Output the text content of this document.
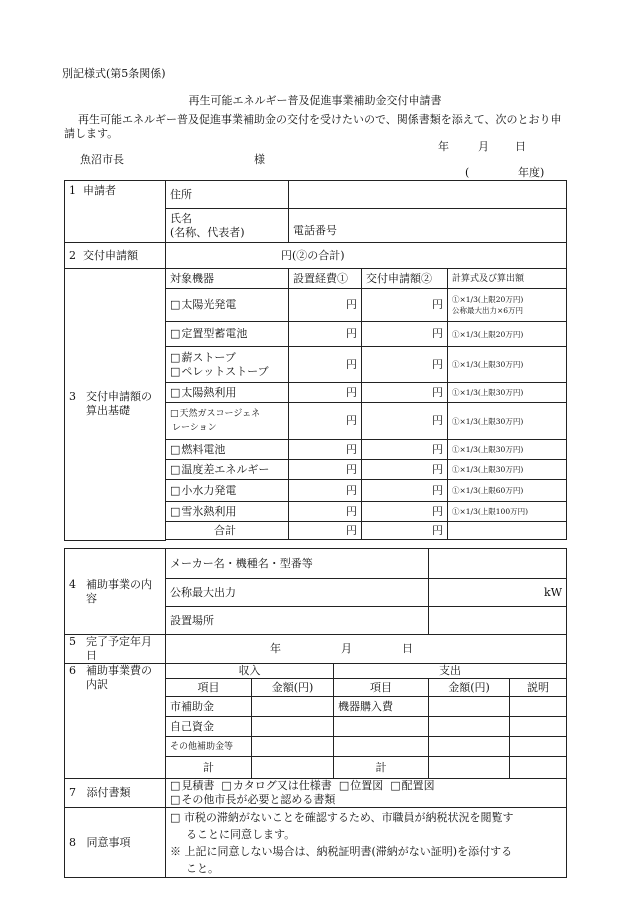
別記様式(第5条関係)
再生可能エネルギー普及促進事業補助金交付申請書
再生可能エネルギー普及促進事業補助金の交付を受けたいので、関係書類を添えて、次のとおり申請します。
年	月 日
魚沼市長	様
(	年度)
1 申請者	住所			
	氏名
(名称、代表者)	電話番号		
2 交付申請額	円(②の合計)			

3 交付申請額の算出基礎	対象機器	設置経費①	交付申請額②	計算式及び算出額
	□ 太陽光発電	円	円	①×1/3(上限20万円)
公称最大出力×6万円

	□ 定置型蓄電池	円	円	①×1/3(上限20万円)

	□ 薪ストーブ
□ ペレットストーブ	円	円	①×1/3(上限30万円)
	□ 太陽熱利用	円	円	①×1/3(上限30万円)

	□ 天然ガスコージェネ
レーション	円	円	①×1/3(上限30万円)
	□ 燃料電池	円	円	①×1/3(上限30万円)
	□ 温度差エネルギー	円	円	①×1/3(上限30万円)
	□ 小水力発電	円	円	①×1/3(上限60万円)
	□ 雪氷熱利用	円	円	①×1/3(上限100万円)
	合計	円	円	

4 補助事業の内容	メーカー名・機種名・型番等				
	公称最大出力			kW	
	設置場所				

5 完了予定年月日	年 月 日				

6 補助事業費の内訳	収入		支出		
	項目	金額(円)	項目	金額(円)	説明
	市補助金		機器購入費		
	自己資金				
	その他補助金等				
	計		計		
7 添付書類	□ 見積書 □ カタログ又は仕様書 □ 位置図 □ 配置図
□ その他市長が必要と認める書類

8 同意事項	□ 市税の滞納がないことを確認するため、市職員が納税状況を閲覧す
ることに同意します。
※ 上記に同意しない場合は、納税証明書(滞納がない証明)を添付する
こと。				
